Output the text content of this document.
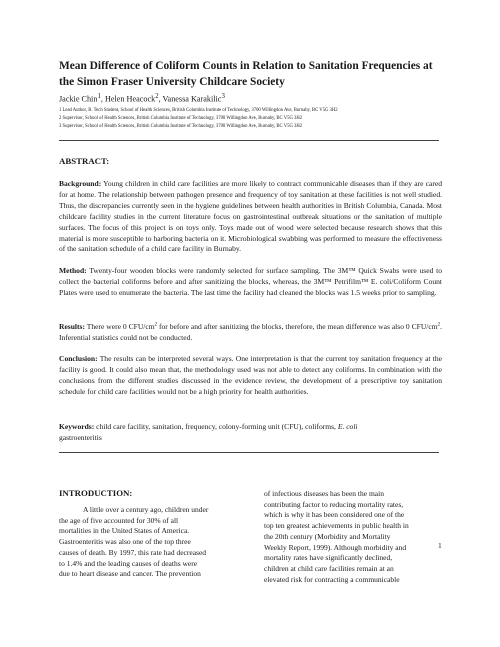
Mean Difference of Coliform Counts in Relation to Sanitation Frequencies at the Simon Fraser University Childcare Society

Jackie Chin$^1$, Helen Heacock$^2$, Vanessa Karakilic$^3$

1 Lead Author, B. Tech Student, School of Health Sciences, British Columbia Institute of Technology, 3700 Willingdon Ave, Burnaby, BC V5G 3H2

2 Supervisor, School of Health Sciences, British Columbia Institute of Technology, 3700 Willingdon Ave, Burnaby, BC V5G 3H2

3 Supervisor, School of Health Sciences, British Columbia Institute of Technology, 3700 Willingdon Ave, Burnaby, BC V5G 3H2

ABSTRACT:

Background: Young children in child care facilities are more likely to contract communicable diseases than if they are cared for at home. The relationship between pathogen presence and frequency of toy sanitation at these facilities is not well studied. Thus, the discrepancies currently seen in the hygiene guidelines between health authorities in British Columbia, Canada. Most childcare facility studies in the current literature focus on gastrointestinal outbreak situations or the sanitation of multiple surfaces. The focus of this project is on toys only. Toys made out of wood were selected because research shows that this material is more susceptible to harboring bacteria on it. Microbiological swabbing was performed to measure the effectiveness of the sanitation schedule of a child care facility in Burnaby.

Method: Twenty-four wooden blocks were randomly selected for surface sampling. The 3M™ Quick Swabs were used to collect the bacterial coliforms before and after sanitizing the blocks, whereas, the 3M™ Petrifilm™ E. coli/Coliform Count Plates were used to enumerate the bacteria. The last time the facility had cleaned the blocks was 1.5 weeks prior to sampling.

Results: There were 0 CFU/$cm^2$ for before and after sanitizing the blocks, therefore, the mean difference was also 0 CFU/$cm^2$. Inferential statistics could not be conducted.

Conclusion: The results can be interpreted several ways. One interpretation is that the current toy sanitation frequency at the facility is good. It could also mean that, the methodology used was not able to detect any coliforms. In combination with the conclusions from the different studies discussed in the evidence review, the development of a prescriptive toy sanitation schedule for child care facilities would not be a high priority for health authorities.

Keywords: child care facility, sanitation, frequency, colony-forming unit (CFU), coliforms, E. coli
gastroenteritis

INTRODUCTION:
A little over a century ago, children under
the age of five accounted for 30% of all
mortalities in the United States of America.
Gastroenteritis was also one of the top three
causes of death. By 1997, this rate had decreased
to 1.4% and the leading causes of deaths were
due to heart disease and cancer. The prevention
of infectious diseases has been the main
contributing factor to reducing mortality rates,
which is why it has been considered one of the
top ten greatest achievements in public health in
the 20th century (Morbidity and Mortality
Weekly Report, 1999). Although morbidity and
mortality rates have significantly declined,
children at child care facilities remain at an
elevated risk for contracting a communicable

1
